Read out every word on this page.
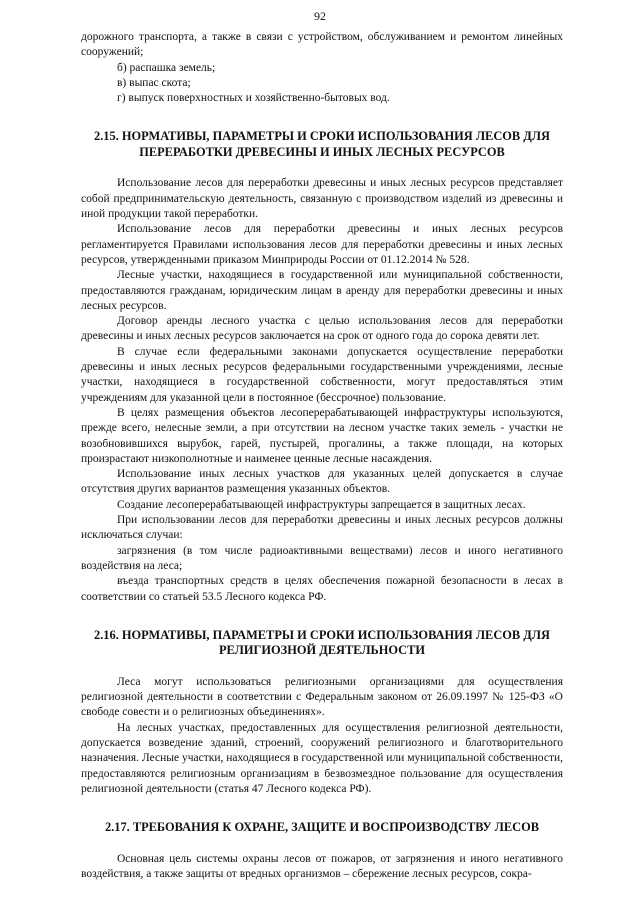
92

дорожного транспорта, а также в связи с устройством, обслуживанием и ремонтом линейных сооружений;

б) распашка земель;

в) выпас скота;

г) выпуск поверхностных и хозяйственно-бытовых вод.

2.15. НОРМАТИВЫ, ПАРАМЕТРЫ И СРОКИ ИСПОЛЬЗОВАНИЯ ЛЕСОВ ДЛЯ ПЕРЕРАБОТКИ ДРЕВЕСИНЫ И ИНЫХ ЛЕСНЫХ РЕСУРСОВ

Использование лесов для переработки древесины и иных лесных ресурсов представляет собой предпринимательскую деятельность, связанную с производством изделий из древесины и иной продукции такой переработки.

Использование лесов для переработки древесины и иных лесных ресурсов регламентируется Правилами использования лесов для переработки древесины и иных лесных ресурсов, утвержденными приказом Минприроды России от 01.12.2014 № 528.

Лесные участки, находящиеся в государственной или муниципальной собственности, предоставляются гражданам, юридическим лицам в аренду для переработки древесины и иных лесных ресурсов.

Договор аренды лесного участка с целью использования лесов для переработки древесины и иных лесных ресурсов заключается на срок от одного года до сорока девяти лет.

В случае если федеральными законами допускается осуществление переработки древесины и иных лесных ресурсов федеральными государственными учреждениями, лесные участки, находящиеся в государственной собственности, могут предоставляться этим учреждениям для указанной цели в постоянное (бессрочное) пользование.

В целях размещения объектов лесоперерабатывающей инфраструктуры используются, прежде всего, нелесные земли, а при отсутствии на лесном участке таких земель - участки не возобновившихся вырубок, гарей, пустырей, прогалины, а также площади, на которых произрастают низкополнотные и наименее ценные лесные насаждения.

Использование иных лесных участков для указанных целей допускается в случае отсутствия других вариантов размещения указанных объектов.

Создание лесоперерабатывающей инфраструктуры запрещается в защитных лесах.

При использовании лесов для переработки древесины и иных лесных ресурсов должны исключаться случаи:

загрязнения (в том числе радиоактивными веществами) лесов и иного негативного воздействия на леса;

въезда транспортных средств в целях обеспечения пожарной безопасности в лесах в соответствии со статьей 53.5 Лесного кодекса РФ.

2.16. НОРМАТИВЫ, ПАРАМЕТРЫ И СРОКИ ИСПОЛЬЗОВАНИЯ ЛЕСОВ ДЛЯ РЕЛИГИОЗНОЙ ДЕЯТЕЛЬНОСТИ

Леса могут использоваться религиозными организациями для осуществления религиозной деятельности в соответствии с Федеральным законом от 26.09.1997 № 125-ФЗ «О свободе совести и о религиозных объединениях».

На лесных участках, предоставленных для осуществления религиозной деятельности, допускается возведение зданий, строений, сооружений религиозного и благотворительного назначения. Лесные участки, находящиеся в государственной или муниципальной собственности, предоставляются религиозным организациям в безвозмездное пользование для осуществления религиозной деятельности (статья 47 Лесного кодекса РФ).

2.17. ТРЕБОВАНИЯ К ОХРАНЕ, ЗАЩИТЕ И ВОСПРОИЗВОДСТВУ ЛЕСОВ

Основная цель системы охраны лесов от пожаров, от загрязнения и иного негативного воздействия, а также защиты от вредных организмов – сбережение лесных ресурсов, сокра-
